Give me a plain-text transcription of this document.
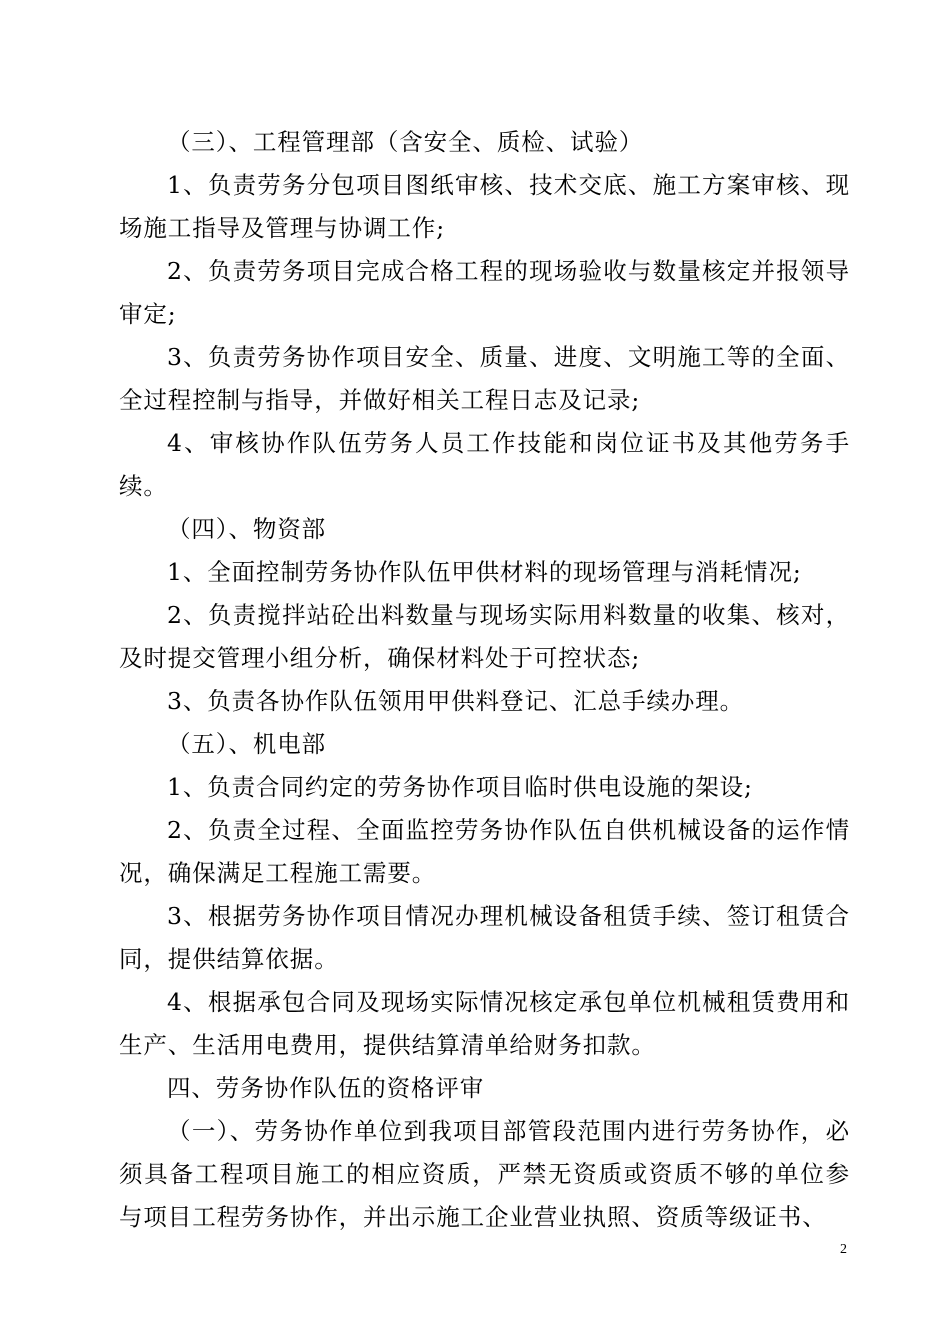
（三）、工程管理部（含安全、质检、试验）

1、负责劳务分包项目图纸审核、技术交底、施工方案审核、现场施工指导及管理与协调工作;

2、负责劳务项目完成合格工程的现场验收与数量核定并报领导审定;

3、负责劳务协作项目安全、质量、进度、文明施工等的全面、全过程控制与指导，并做好相关工程日志及记录;

4、审核协作队伍劳务人员工作技能和岗位证书及其他劳务手续。

（四）、物资部

1、全面控制劳务协作队伍甲供材料的现场管理与消耗情况;

2、负责搅拌站砼出料数量与现场实际用料数量的收集、核对，及时提交管理小组分析，确保材料处于可控状态;

3、负责各协作队伍领用甲供料登记、汇总手续办理。

（五）、机电部

1、负责合同约定的劳务协作项目临时供电设施的架设;

2、负责全过程、全面监控劳务协作队伍自供机械设备的运作情况，确保满足工程施工需要。

3、根据劳务协作项目情况办理机械设备租赁手续、签订租赁合同，提供结算依据。

4、根据承包合同及现场实际情况核定承包单位机械租赁费用和生产、生活用电费用，提供结算清单给财务扣款。

四、劳务协作队伍的资格评审

（一）、劳务协作单位到我项目部管段范围内进行劳务协作，必须具备工程项目施工的相应资质，严禁无资质或资质不够的单位参与项目工程劳务协作，并出示施工企业营业执照、资质等级证书、

2
